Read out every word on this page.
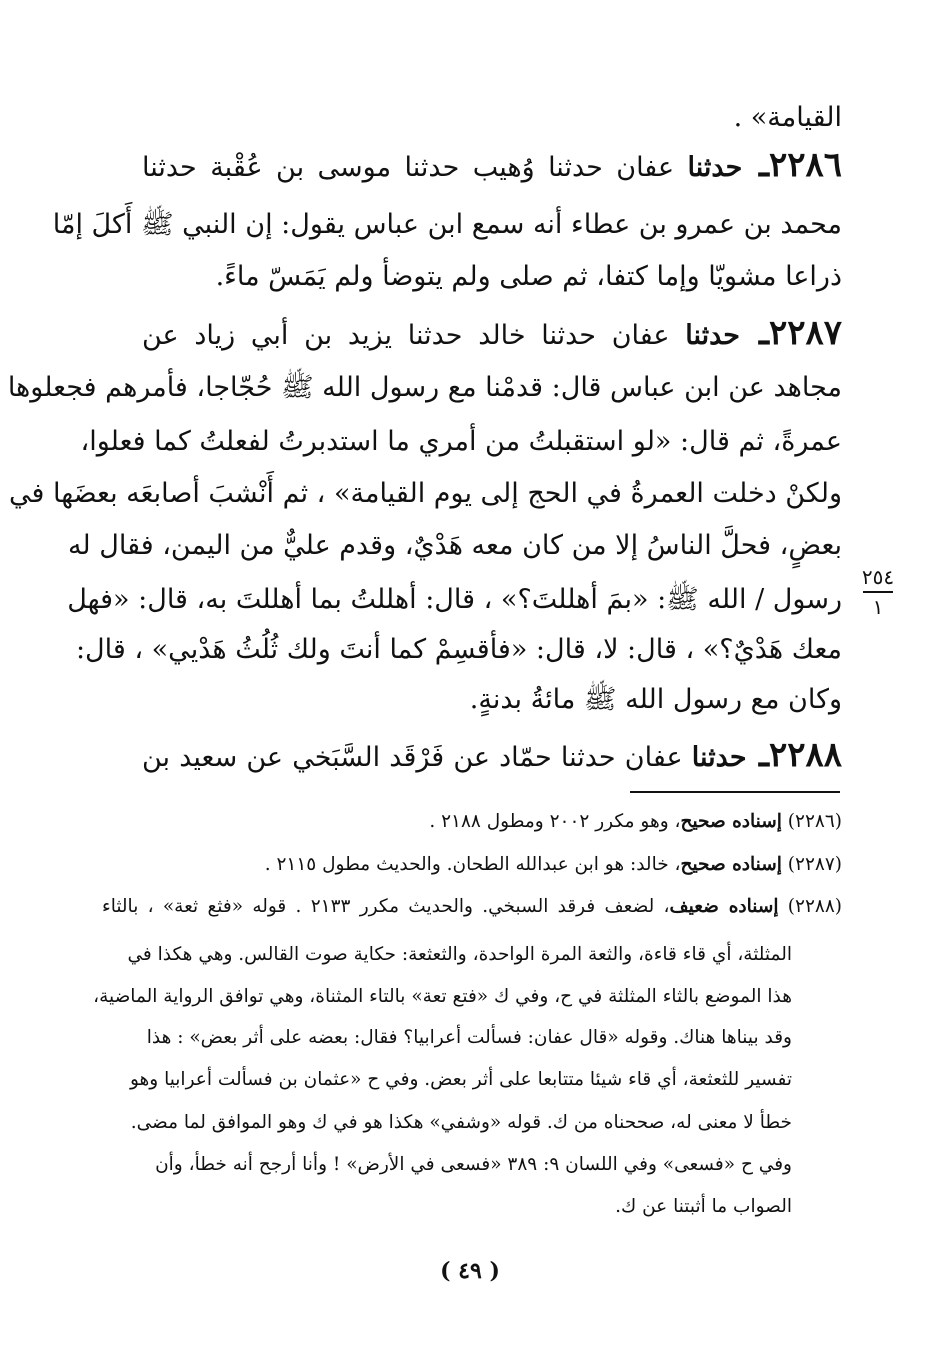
القيامة» .
٢٢٨٦ـ حدثنا عفان حدثنا وُهيب حدثنا موسى بن عُقْبة حدثنا
محمد بن عمرو بن عطاء أنه سمع ابن عباس يقول: إن النبي ﷺ أَكلَ إمّا
ذراعا مشويّا وإما كتفا، ثم صلى ولم يتوضأ ولم يَمَسّ ماءً.
٢٢٨٧ـ حدثنا عفان حدثنا خالد حدثنا يزيد بن أبي زياد عن
مجاهد عن ابن عباس قال: قدمْنا مع رسول الله ﷺ حُجّاجا، فأمرهم فجعلوها
عمرةً، ثم قال: «لو استقبلتُ من أمري ما استدبرتُ لفعلتُ كما فعلوا،
ولكنْ دخلت العمرةُ في الحج إلى يوم القيامة» ، ثم أَنْشبَ أصابعَه بعضَها في
بعضٍ، فحلَّ الناسُ إلا من كان معه هَدْيٌ، وقدم عليٌّ من اليمن، فقال له
رسول / الله ﷺ: «بمَ أهللتَ؟» ، قال: أهللتُ بما أهللتَ به، قال: «فهل
معك هَدْيٌ؟» ، قال: لا، قال: «فأقسِمْ كما أنتَ ولك ثُلُثُ هَدْيي» ، قال:
وكان مع رسول الله ﷺ مائةُ بدنةٍ.
٢٢٨٨ـ حدثنا عفان حدثنا حمّاد عن فَرْقَد السَّبَخي عن سعيد بن
٢٥٤
١
(٢٢٨٦) إسناده صحيح، وهو مكرر ٢٠٠٢ ومطول ٢١٨٨ .
(٢٢٨٧) إسناده صحيح، خالد: هو ابن عبدالله الطحان. والحديث مطول ٢١١٥ .
(٢٢٨٨) إسناده ضعيف، لضعف فرقد السبخي. والحديث مكرر ٢١٣٣ . قوله «فثع ثعة» ، بالثاء
المثلثة، أي قاء قاءة، والثعة المرة الواحدة، والثعثعة: حكاية صوت القالس. وهي هكذا في
هذا الموضع بالثاء المثلثة في ح، وفي ك «فتع تعة» بالتاء المثناة، وهي توافق الرواية الماضية،
وقد بيناها هناك. وقوله «قال عفان: فسألت أعرابيا؟ فقال: بعضه على أثر بعض» : هذا
تفسير للثعثعة، أي قاء شيئا متتابعا على أثر بعض. وفي ح «عثمان بن فسألت أعرابيا وهو
خطأ لا معنى له، صححناه من ك. قوله «وشفي» هكذا هو في ك وهو الموافق لما مضى.
وفي ح «فسعى» وفي اللسان ٩: ٣٨٩ «فسعى في الأرض» ! وأنا أرجح أنه خطأ، وأن
الصواب ما أثبتنا عن ك.
( ٤٩ )
